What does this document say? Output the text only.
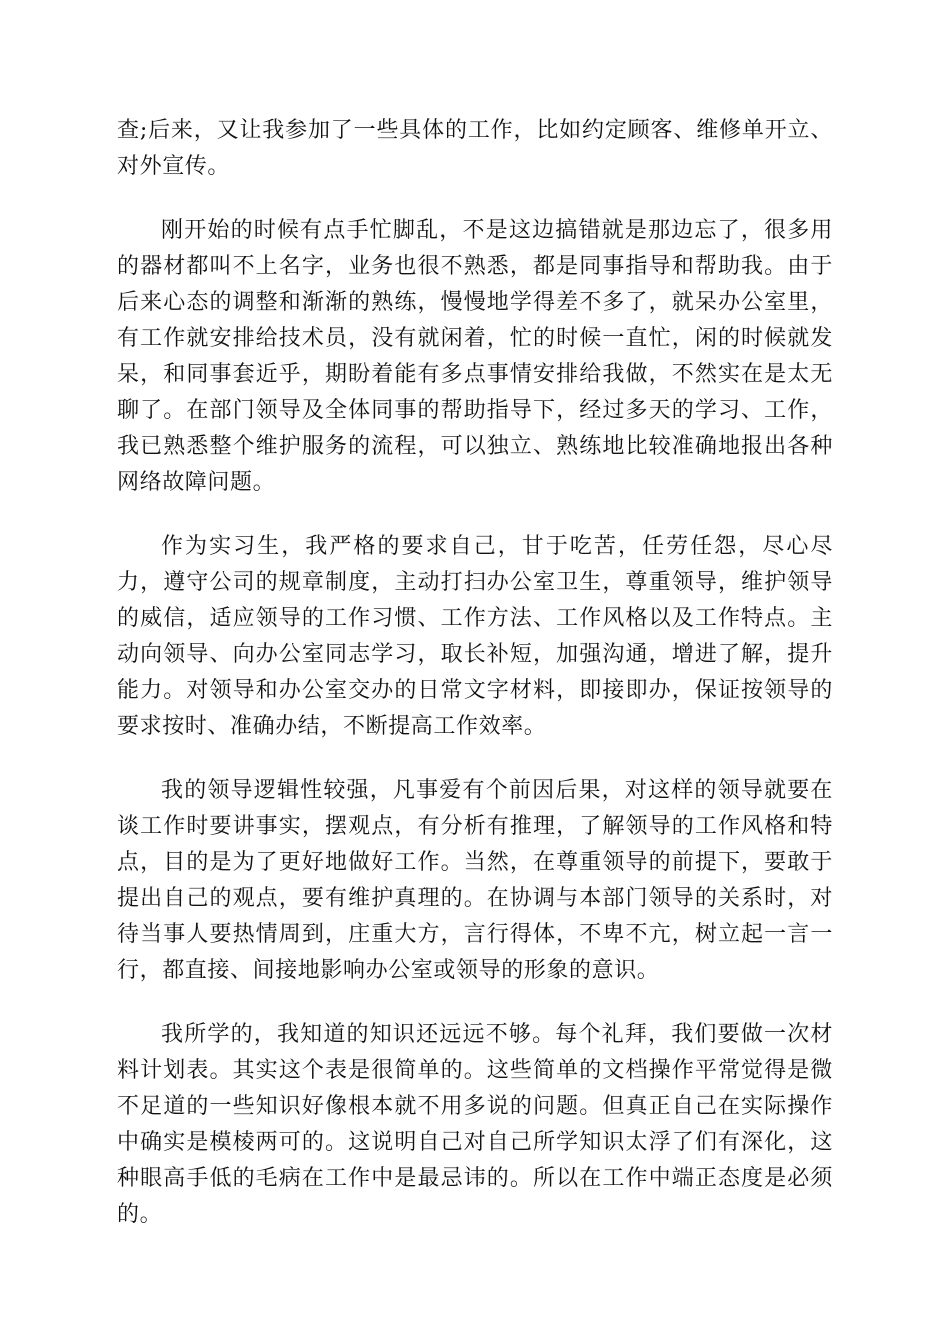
查;后来，又让我参加了一些具体的工作，比如约定顾客、维修单开立、对外宣传。

刚开始的时候有点手忙脚乱，不是这边搞错就是那边忘了，很多用的器材都叫不上名字，业务也很不熟悉，都是同事指导和帮助我。由于后来心态的调整和渐渐的熟练，慢慢地学得差不多了，就呆办公室里，有工作就安排给技术员，没有就闲着，忙的时候一直忙，闲的时候就发呆，和同事套近乎，期盼着能有多点事情安排给我做，不然实在是太无聊了。在部门领导及全体同事的帮助指导下，经过多天的学习、工作，我已熟悉整个维护服务的流程，可以独立、熟练地比较准确地报出各种网络故障问题。

作为实习生，我严格的要求自己，甘于吃苦，任劳任怨，尽心尽力，遵守公司的规章制度，主动打扫办公室卫生，尊重领导，维护领导的威信，适应领导的工作习惯、工作方法、工作风格以及工作特点。主动向领导、向办公室同志学习，取长补短，加强沟通，增进了解，提升能力。对领导和办公室交办的日常文字材料，即接即办，保证按领导的要求按时、准确办结，不断提高工作效率。

我的领导逻辑性较强，凡事爱有个前因后果，对这样的领导就要在谈工作时要讲事实，摆观点，有分析有推理，了解领导的工作风格和特点，目的是为了更好地做好工作。当然，在尊重领导的前提下，要敢于提出自己的观点，要有维护真理的。在协调与本部门领导的关系时，对待当事人要热情周到，庄重大方，言行得体，不卑不亢，树立起一言一行，都直接、间接地影响办公室或领导的形象的意识。

我所学的，我知道的知识还远远不够。每个礼拜，我们要做一次材料计划表。其实这个表是很简单的。这些简单的文档操作平常觉得是微不足道的一些知识好像根本就不用多说的问题。但真正自己在实际操作中确实是模棱两可的。这说明自己对自己所学知识太浮了们有深化，这种眼高手低的毛病在工作中是最忌讳的。所以在工作中端正态度是必须的。
